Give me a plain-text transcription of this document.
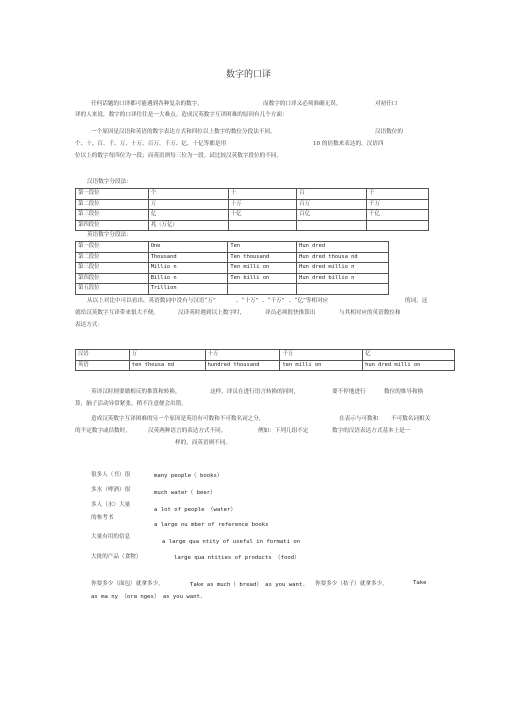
数字的口译
任何话题的口译都可能遇到各种复杂的数字。	而数字的口译又必须准确无误。	对初任口
译的人来说，数字的口译往往是一大难点。造成汉英数字互译困难的原因有几个方面：
一个原因是汉语和英语的数字表达方式和四位以上数字的数位分段法不同。	汉语数位的
个、十、百、千、万、十万、百万、千万、亿、十亿等都是用	10 的倍数来表达的。汉语四
位以上的数字每四位为一段；而英语则每三位为一段。试比较汉英数字段位的不同。
汉语数字分段法：
第一段位	个	十	百	千
第二段位	万	十万	百万	千万
第三段位	亿	十亿	百亿	千亿
第四段位	兆（万亿）			
英语数字分段法：
第一段位	One	Ten	Hun dred
第二段位	Thousand	Ten thousand	Hun dred thousa nd
第三段位	Millio n	Ten milli on	Hun dred millio n
第四段位	Billio n	Ten billi on	Hun dred billio n
第五段位	Trillion		
从以上对比中可以看出，英语数词中没有与汉语“万”	、“十万” 、“千万” 、“亿”等相对应	的词，这
就给汉英数字互译带来很大不便。	汉译英时遇到以上数字时，	译员必须很快推算出	与其相对应的英语数位和
表达方式：
汉语	万	十万	千万	亿
英语	ten thousa nd	hundred thousand	ten milli on	hun dred milli on
英译汉时则要做相反的推算和转换。	这样，译员在进行语言转换的同时，	要不停地进行	数位的推导和换
算，脑子活动异常紧张，稍不注意便会出错。
造成汉英数字互译困难的另一个原因是英语有可数和不可数名词之分，	在表示与可数和 不可数名词相关
的不定数字或估数时，	汉英两种语言的表达方式不同。	例如：下列几组不定	数字的汉语表达方式基本上是一
样的，而英语则不同。
很多人（书）很	many people（ books）
多水（啤酒）很	much water（ beer）
多人（水）大量
a lot of people （water）
的参考书
a large nu mber of reference books
大量有用的信息
a large qua ntity of useful in formati on
大批的产品（食物）	large qua ntities of products （food）
你要多少（面包）就拿多少。	Take as much（ bread） as you want. 你要多少（桔子）就拿多少。	Take
as ma ny （ora nges） as you want.
